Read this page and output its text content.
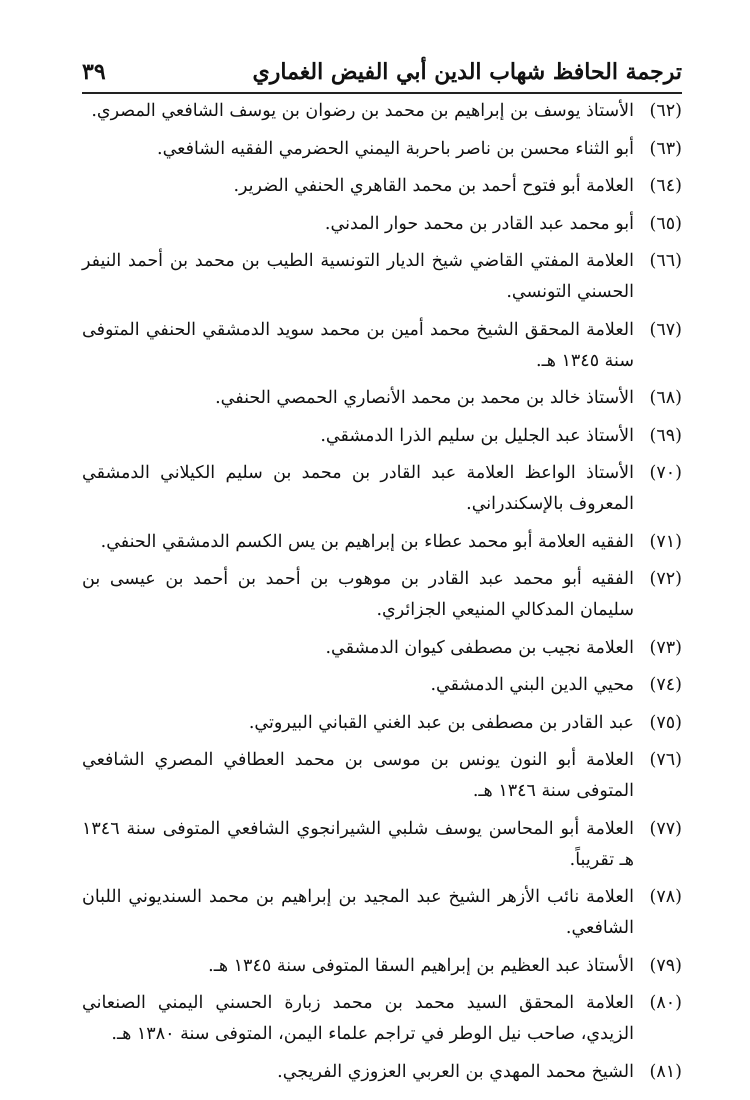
ترجمة الحافظ شهاب الدين أبي الفيض الغماري
٣٩
(٦٢)
الأستاذ يوسف بن إبراهيم بن محمد بن رضوان بن يوسف الشافعي المصري.
(٦٣)
أبو الثناء محسن بن ناصر باحربة اليمني الحضرمي الفقيه الشافعي.
(٦٤)
العلامة أبو فتوح أحمد بن محمد القاهري الحنفي الضرير.
(٦٥)
أبو محمد عبد القادر بن محمد حوار المدني.
(٦٦)
العلامة المفتي القاضي شيخ الديار التونسية الطيب بن محمد بن أحمد النيفر الحسني التونسي.
(٦٧)
العلامة المحقق الشيخ محمد أمين بن محمد سويد الدمشقي الحنفي المتوفى سنة ١٣٤٥ هـ.
(٦٨)
الأستاذ خالد بن محمد بن محمد الأنصاري الحمصي الحنفي.
(٦٩)
الأستاذ عبد الجليل بن سليم الذرا الدمشقي.
(٧٠)
الأستاذ الواعظ العلامة عبد القادر بن محمد بن سليم الكيلاني الدمشقي المعروف بالإسكندراني.
(٧١)
الفقيه العلامة أبو محمد عطاء بن إبراهيم بن يس الكسم الدمشقي الحنفي.
(٧٢)
الفقيه أبو محمد عبد القادر بن موهوب بن أحمد بن أحمد بن عيسى بن سليمان المدكالي المنيعي الجزائري.
(٧٣)
العلامة نجيب بن مصطفى كيوان الدمشقي.
(٧٤)
محيي الدين البني الدمشقي.
(٧٥)
عبد القادر بن مصطفى بن عبد الغني القباني البيروتي.
(٧٦)
العلامة أبو النون يونس بن موسى بن محمد العطافي المصري الشافعي المتوفى سنة ١٣٤٦ هـ.
(٧٧)
العلامة أبو المحاسن يوسف شلبي الشيرانجوي الشافعي المتوفى سنة ١٣٤٦ هـ تقريباً.
(٧٨)
العلامة نائب الأزهر الشيخ عبد المجيد بن إبراهيم بن محمد السنديوني اللبان الشافعي.
(٧٩)
الأستاذ عبد العظيم بن إبراهيم السقا المتوفى سنة ١٣٤٥ هـ.
(٨٠)
العلامة المحقق السيد محمد بن محمد زبارة الحسني اليمني الصنعاني الزيدي، صاحب نيل الوطر في تراجم علماء اليمن، المتوفى سنة ١٣٨٠ هـ.
(٨١)
الشيخ محمد المهدي بن العربي العزوزي الفريجي.
